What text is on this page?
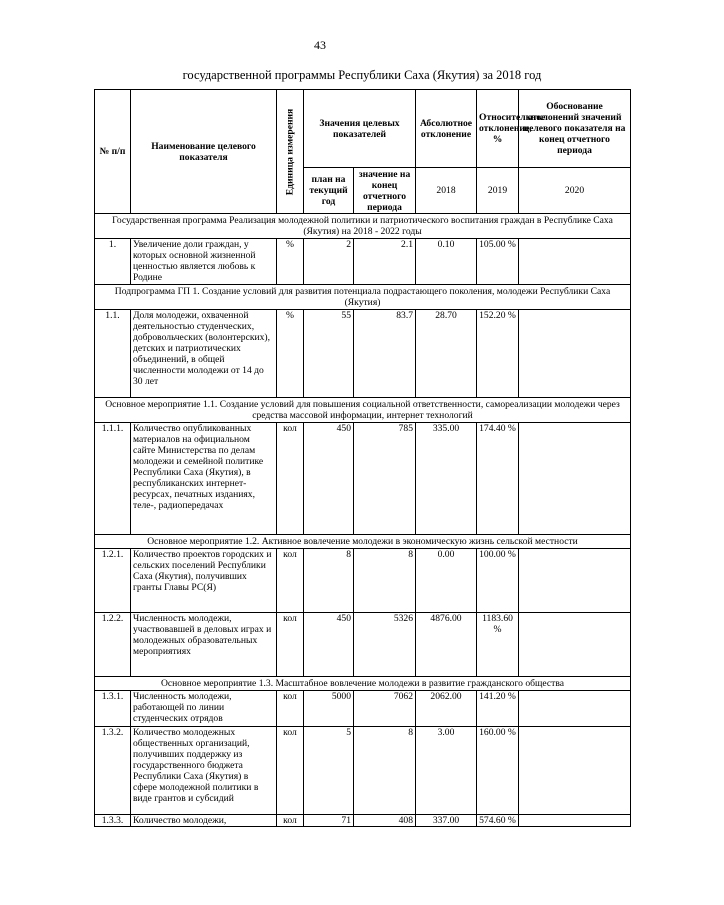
43
государственной программы Республики Саха (Якутия) за 2018 год
№ п/п	Наименование целевого показателя	Единица измерения	Значения целевых показателей		Абсолютное отклонение	Относительное отклонение, %	Обоснование отклонений значений целевого показателя на конец отчетного периода
			план на текущий год	значение на конец отчетного периода	2018	2019	2020
Государственная программа Реализация молодежной политики и патриотического воспитания граждан в Республике Саха (Якутия) на 2018 - 2022 годы							
1.	Увеличение доли граждан, у которых основной жизненной ценностью является любовь к Родине	%	2	2.1	0.10	105.00 %	
Подпрограмма ГП 1. Создание условий для развития потенциала подрастающего поколения, молодежи Республики Саха (Якутия)							
1.1.	Доля молодежи, охваченной деятельностью студенческих, добровольческих (волонтерских), детских и патриотических объединений, в общей численности молодежи от 14 до 30 лет	%	55	83.7	28.70	152.20 %	
Основное мероприятие 1.1. Создание условий для повышения социальной ответственности, самореализации молодежи через средства массовой информации, интернет технологий							
1.1.1.	Количество опубликованных материалов на официальном сайте Министерства по делам молодежи и семейной политике Республики Саха (Якутия), в республиканских интернет-ресурсах, печатных изданиях, теле-, радиопередачах	кол	450	785	335.00	174.40 %	
Основное мероприятие 1.2. Активное вовлечение молодежи в экономическую жизнь сельской местности							
1.2.1.	Количество проектов городских и сельских поселений Республики Саха (Якутия), получивших гранты Главы РС(Я)	кол	8	8	0.00	100.00 %	
1.2.2.	Численность молодежи, участвовавшей в деловых играх и молодежных образовательных мероприятиях	кол	450	5326	4876.00	1183.60 %	
Основное мероприятие 1.3. Масштабное вовлечение молодежи в развитие гражданского общества							
1.3.1.	Численность молодежи, работающей по линии студенческих отрядов	кол	5000	7062	2062.00	141.20 %	
1.3.2.	Количество молодежных общественных организаций, получивших поддержку из государственного бюджета Республики Саха (Якутия) в сфере молодежной политики в виде грантов и субсидий	кол	5	8	3.00	160.00 %	
1.3.3.	Количество молодежи,	кол	71	408	337.00	574.60 %	
